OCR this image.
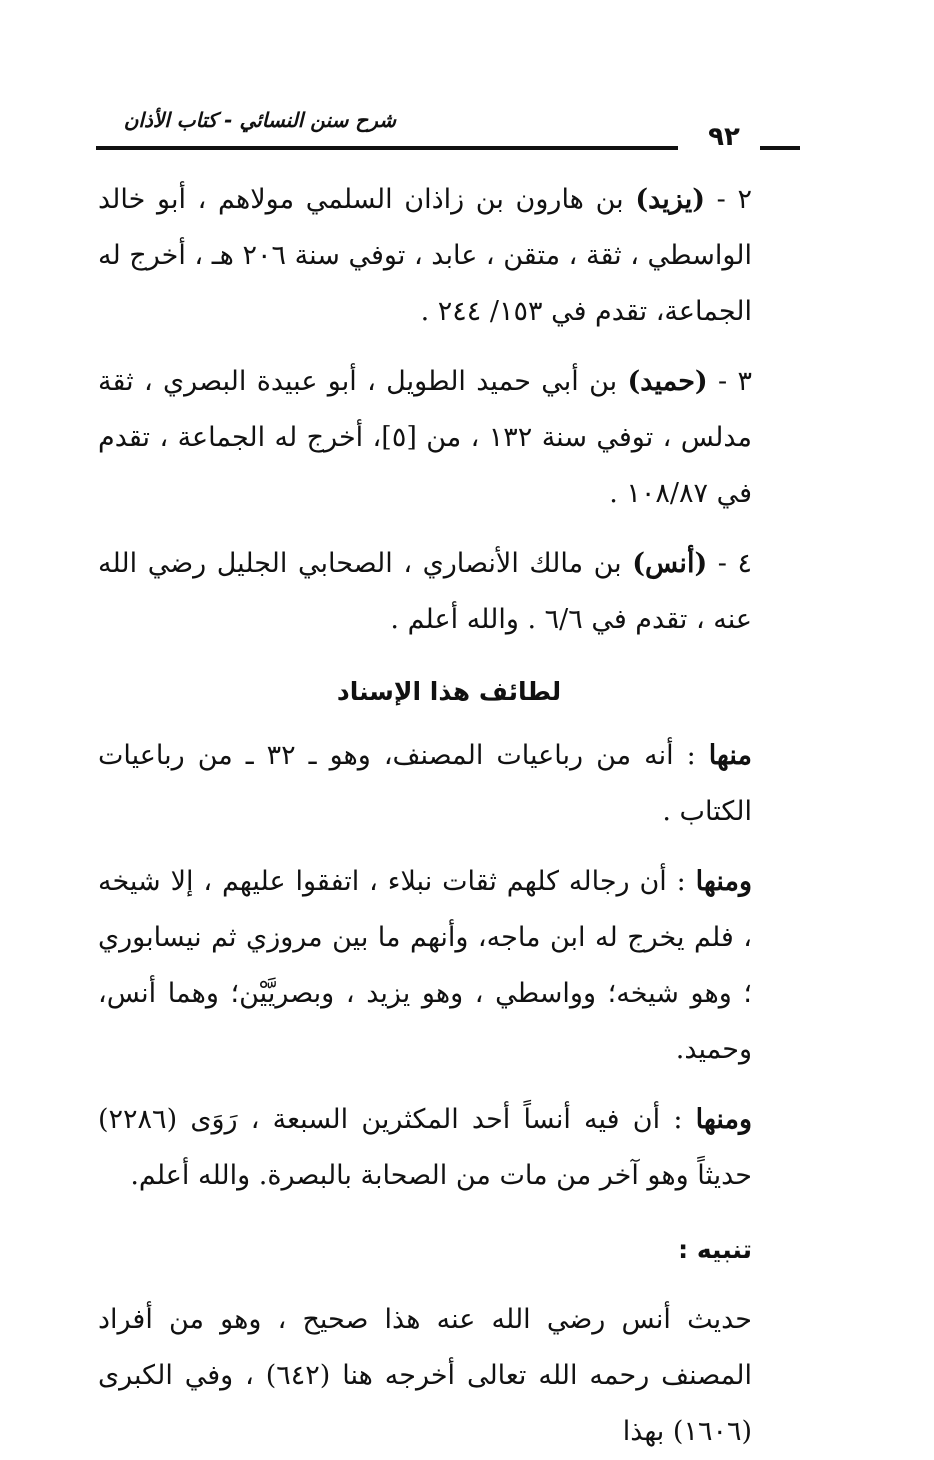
شرح سنن النسائي - كتاب الأذان
٩٢

٢ - (يزيد) بن هارون بن زاذان السلمي مولاهم ، أبو خالد الواسطي ، ثقة ، متقن ، عابد ، توفي سنة ٢٠٦ هـ ، أخرج له الجماعة، تقدم في ١٥٣/ ٢٤٤ .

٣ - (حميد) بن أبي حميد الطويل ، أبو عبيدة البصري ، ثقة مدلس ، توفي سنة ١٣٢ ، من [٥]، أخرج له الجماعة ، تقدم في ١٠٨/٨٧ .

٤ - (أنس) بن مالك الأنصاري ، الصحابي الجليل رضي الله عنه ، تقدم في ٦/٦ . والله أعلم .

لطائف هذا الإسناد

منها : أنه من رباعيات المصنف، وهو ـ ٣٢ ـ من رباعيات الكتاب .

ومنها : أن رجاله كلهم ثقات نبلاء ، اتفقوا عليهم ، إلا شيخه ، فلم يخرج له ابن ماجه، وأنهم ما بين مروزي ثم نيسابوري ؛ وهو شيخه؛ وواسطي ، وهو يزيد ، وبصريَّيْن؛ وهما أنس، وحميد.

ومنها : أن فيه أنساً أحد المكثرين السبعة ، رَوَى (٢٢٨٦) حديثاً وهو آخر من مات من الصحابة بالبصرة. والله أعلم.

تنبيه :

حديث أنس رضي الله عنه هذا صحيح ، وهو من أفراد المصنف رحمه الله تعالى أخرجه هنا (٦٤٢) ، وفي الكبرى (١٦٠٦) بهذا
